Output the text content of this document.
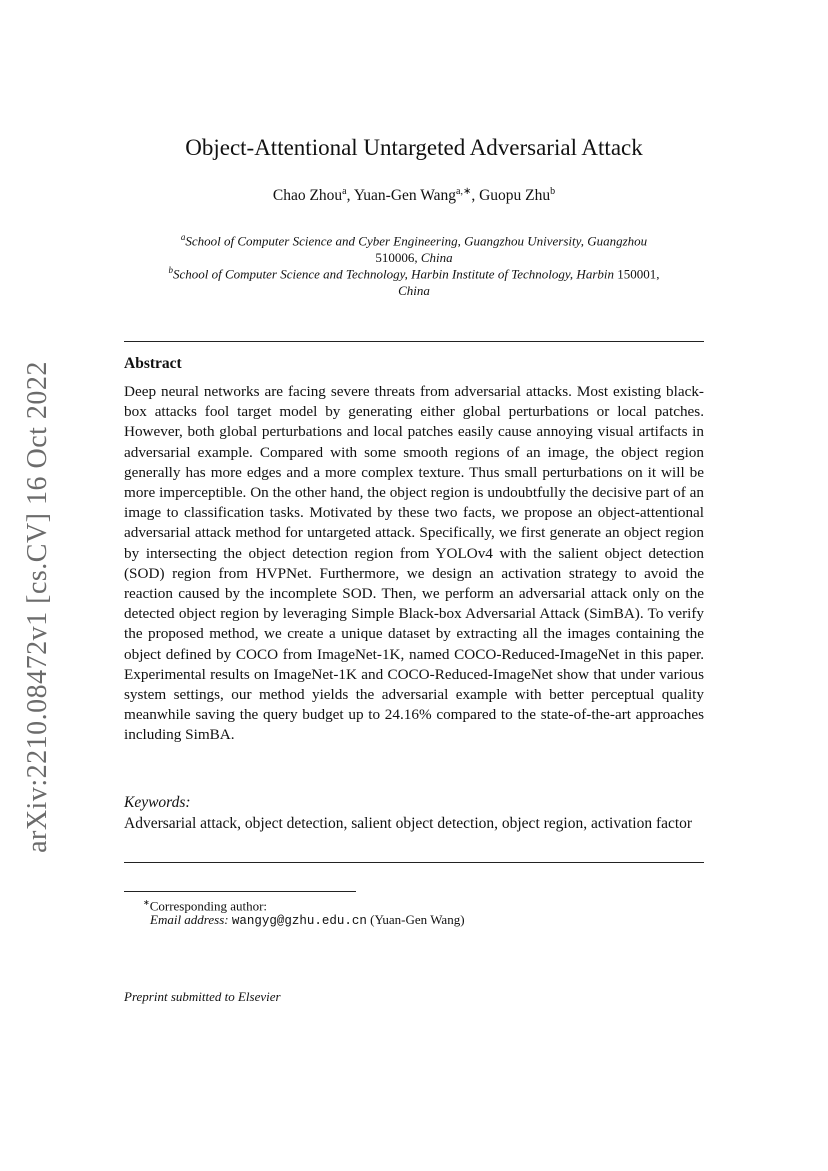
arXiv:2210.08472v1 [cs.CV] 16 Oct 2022
Object-Attentional Untargeted Adversarial Attack
Chao Zhou$^a$, Yuan-Gen Wang$^{a,∗}$, Guopu Zhu$^b$
$^a$School of Computer Science and Cyber Engineering, Guangzhou University, Guangzhou
510006, China
$^b$School of Computer Science and Technology, Harbin Institute of Technology, Harbin 150001,
China
Abstract

Deep neural networks are facing severe threats from adversarial attacks. Most existing black-box attacks fool target model by generating either global perturbations or local patches. However, both global perturbations and local patches easily cause annoying visual artifacts in adversarial example. Compared with some smooth regions of an image, the object region generally has more edges and a more complex texture. Thus small perturbations on it will be more imperceptible. On the other hand, the object region is undoubtfully the decisive part of an image to classification tasks. Motivated by these two facts, we propose an object-attentional adversarial attack method for untargeted attack. Specifically, we first generate an object region by intersecting the object detection region from YOLOv4 with the salient object detection (SOD) region from HVPNet. Furthermore, we design an activation strategy to avoid the reaction caused by the incomplete SOD. Then, we perform an adversarial attack only on the detected object region by leveraging Simple Black-box Adversarial Attack (SimBA). To verify the proposed method, we create a unique dataset by extracting all the images containing the object defined by COCO from ImageNet-1K, named COCO-Reduced-ImageNet in this paper. Experimental results on ImageNet-1K and COCO-Reduced-ImageNet show that under various system settings, our method yields the adversarial example with better perceptual quality meanwhile saving the query budget up to 24.16% compared to the state-of-the-art approaches including SimBA.

Keywords:

Adversarial attack, object detection, salient object detection, object region, activation factor

∗Corresponding author:
Email address: wangyg@gzhu.edu.cn (Yuan-Gen Wang)
Preprint submitted to Elsevier
